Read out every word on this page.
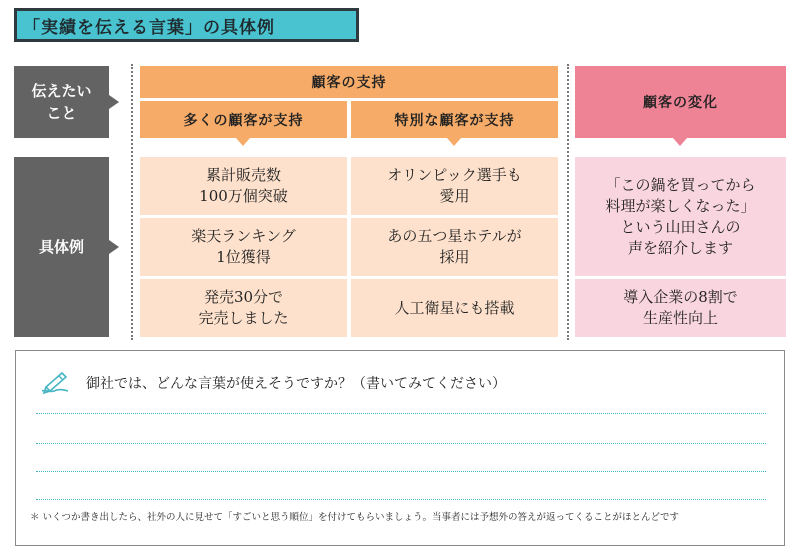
「実績を伝える言葉」の具体例
伝えたい
こと
具体例
顧客の支持
多くの顧客が支持	特別な顧客が支持
顧客の変化
累計販売数
100万個突破
楽天ランキング
1位獲得
発売30分で
完売しました
オリンピック選手も
愛用
あの五つ星ホテルが
採用
人工衛星にも搭載
「この鍋を買ってから
料理が楽しくなった」
という山田さんの
声を紹介します
導入企業の8割で
生産性向上
御社では、どんな言葉が使えそうですか？（書いてみてください）
＊ いくつか書き出したら、社外の人に見せて「すごいと思う順位」を付けてもらいましょう。当事者には予想外の答えが返ってくることがほとんどです
